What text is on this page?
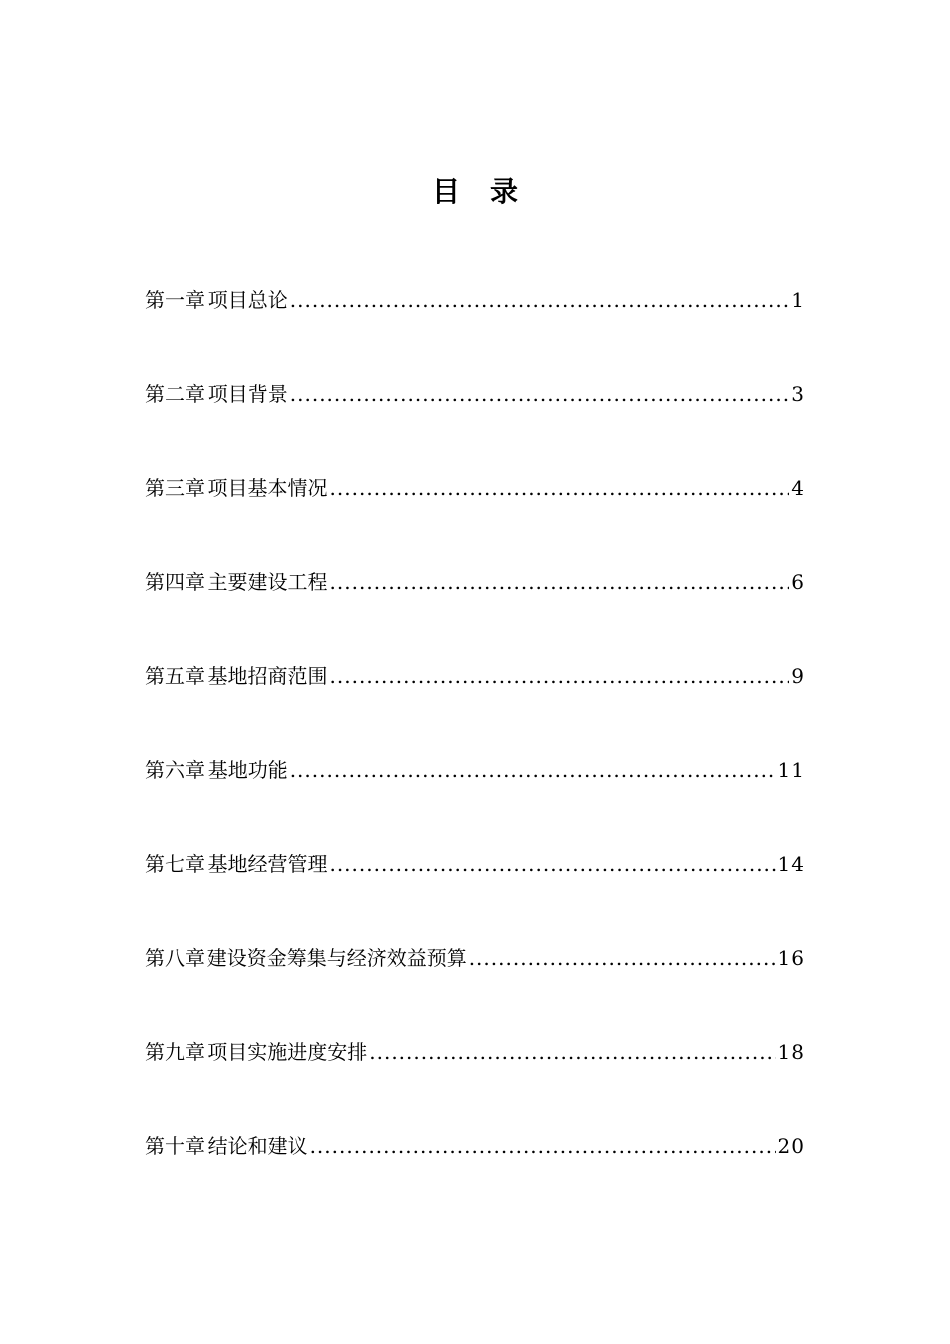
目 录
第一章 项目总论 .....	1
第二章 项目背景 .....	3
第三章 项目基本情况 .....	4
第四章 主要建设工程 .....	6
第五章 基地招商范围 .....	9
第六章 基地功能 .....	11
第七章 基地经营管理 .....	14
第八章 建设资金筹集与经济效益预算 .....	16
第九章 项目实施进度安排 .....	18
第十章 结论和建议 .....	20
